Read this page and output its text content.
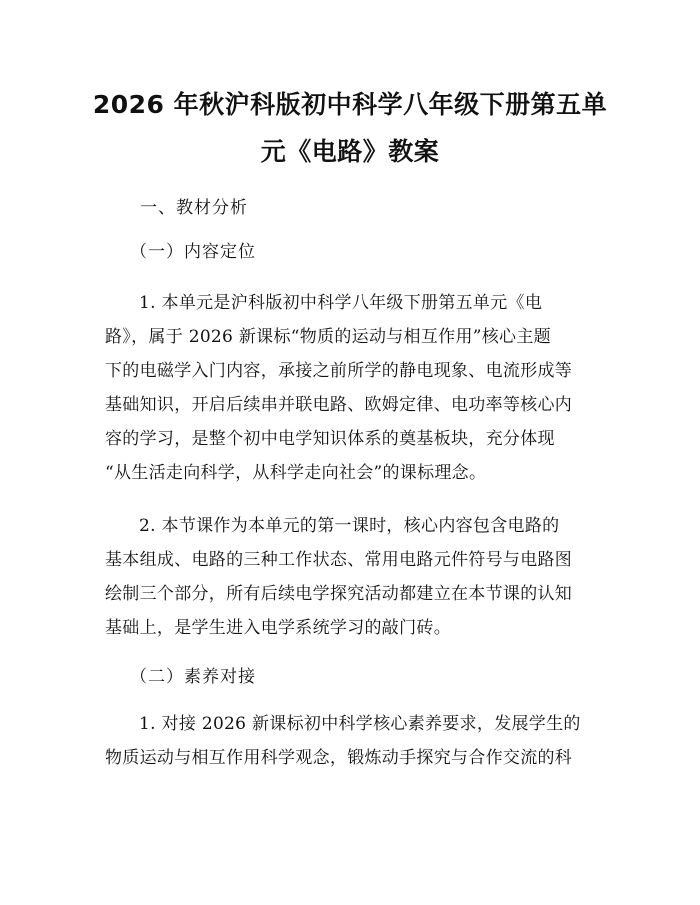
2026 年秋沪科版初中科学八年级下册第五单
元《电路》教案
一、教材分析
（一）内容定位
1. 本单元是沪科版初中科学八年级下册第五单元《电
路》，属于 2026 新课标“物质的运动与相互作用”核心主题
下的电磁学入门内容，承接之前所学的静电现象、电流形成等
基础知识，开启后续串并联电路、欧姆定律、电功率等核心内
容的学习，是整个初中电学知识体系的奠基板块，充分体现
“从生活走向科学，从科学走向社会”的课标理念。
2. 本节课作为本单元的第一课时，核心内容包含电路的
基本组成、电路的三种工作状态、常用电路元件符号与电路图
绘制三个部分，所有后续电学探究活动都建立在本节课的认知
基础上，是学生进入电学系统学习的敲门砖。
（二）素养对接
1. 对接 2026 新课标初中科学核心素养要求，发展学生的
物质运动与相互作用科学观念，锻炼动手探究与合作交流的科
